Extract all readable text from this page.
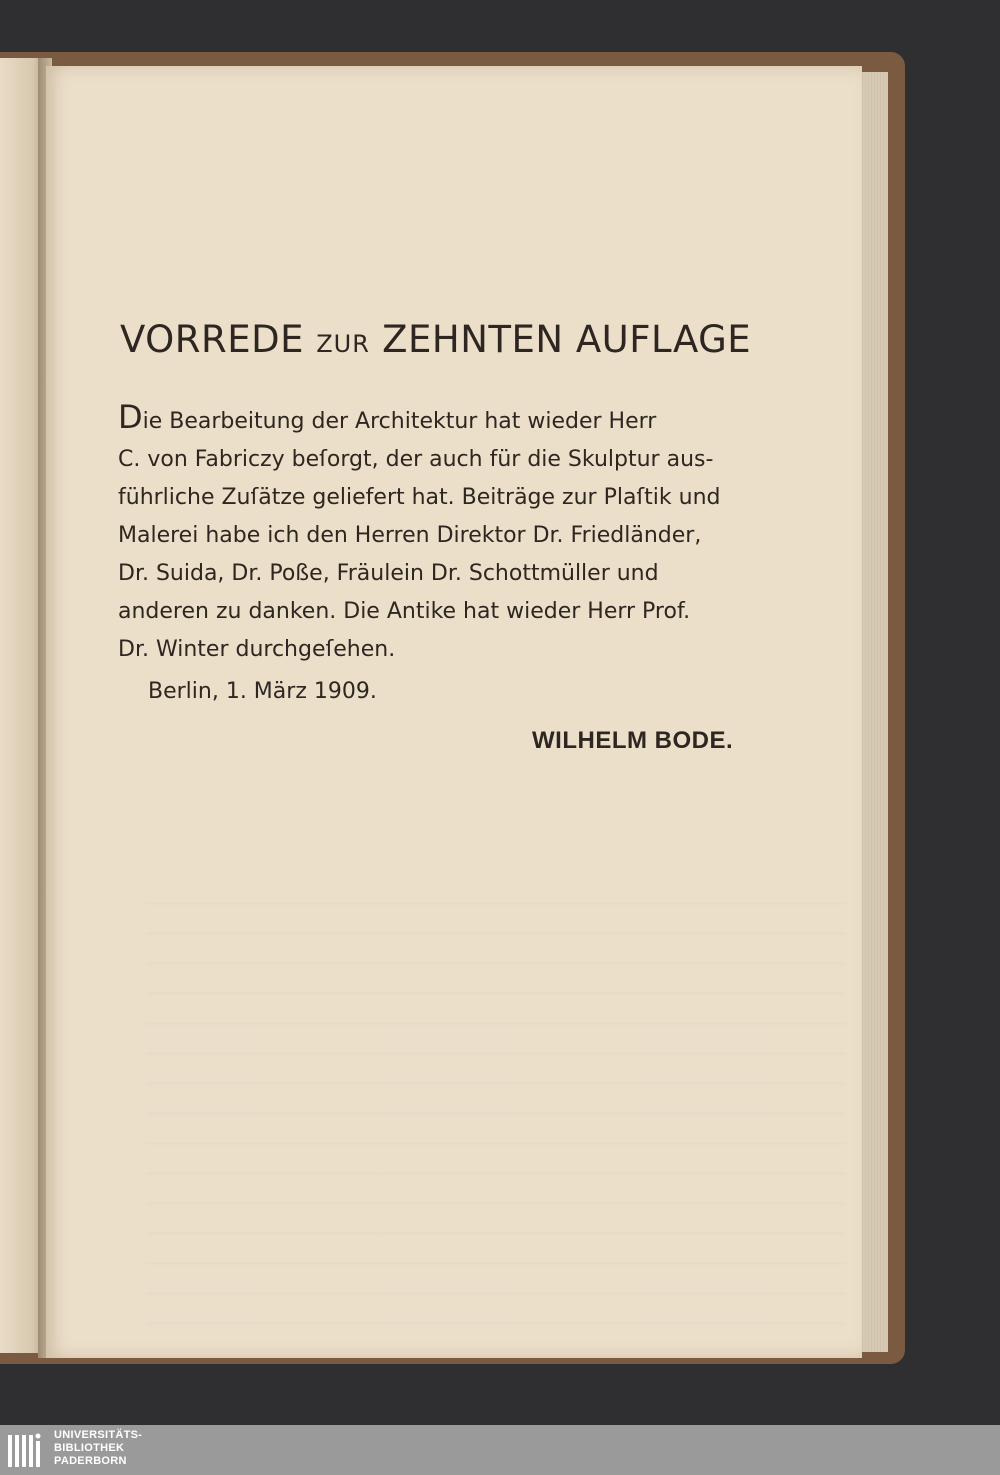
VORREDE ZUR ZEHNTEN AUFLAGE
Die Bearbeitung der Architektur hat wieder Herr
C. von Fabriczy beſorgt, der auch für die Skulptur aus-
führliche Zuſätze geliefert hat. Beiträge zur Plaſtik und
Malerei habe ich den Herren Direktor Dr. Friedländer,
Dr. Suida, Dr. Poße, Fräulein Dr. Schottmüller und
anderen zu danken. Die Antike hat wieder Herr Prof.
Dr. Winter durchgeſehen.
Berlin, 1. März 1909.
WILHELM BODE.
UNIVERSITÄTS-
BIBLIOTHEK
PADERBORN
